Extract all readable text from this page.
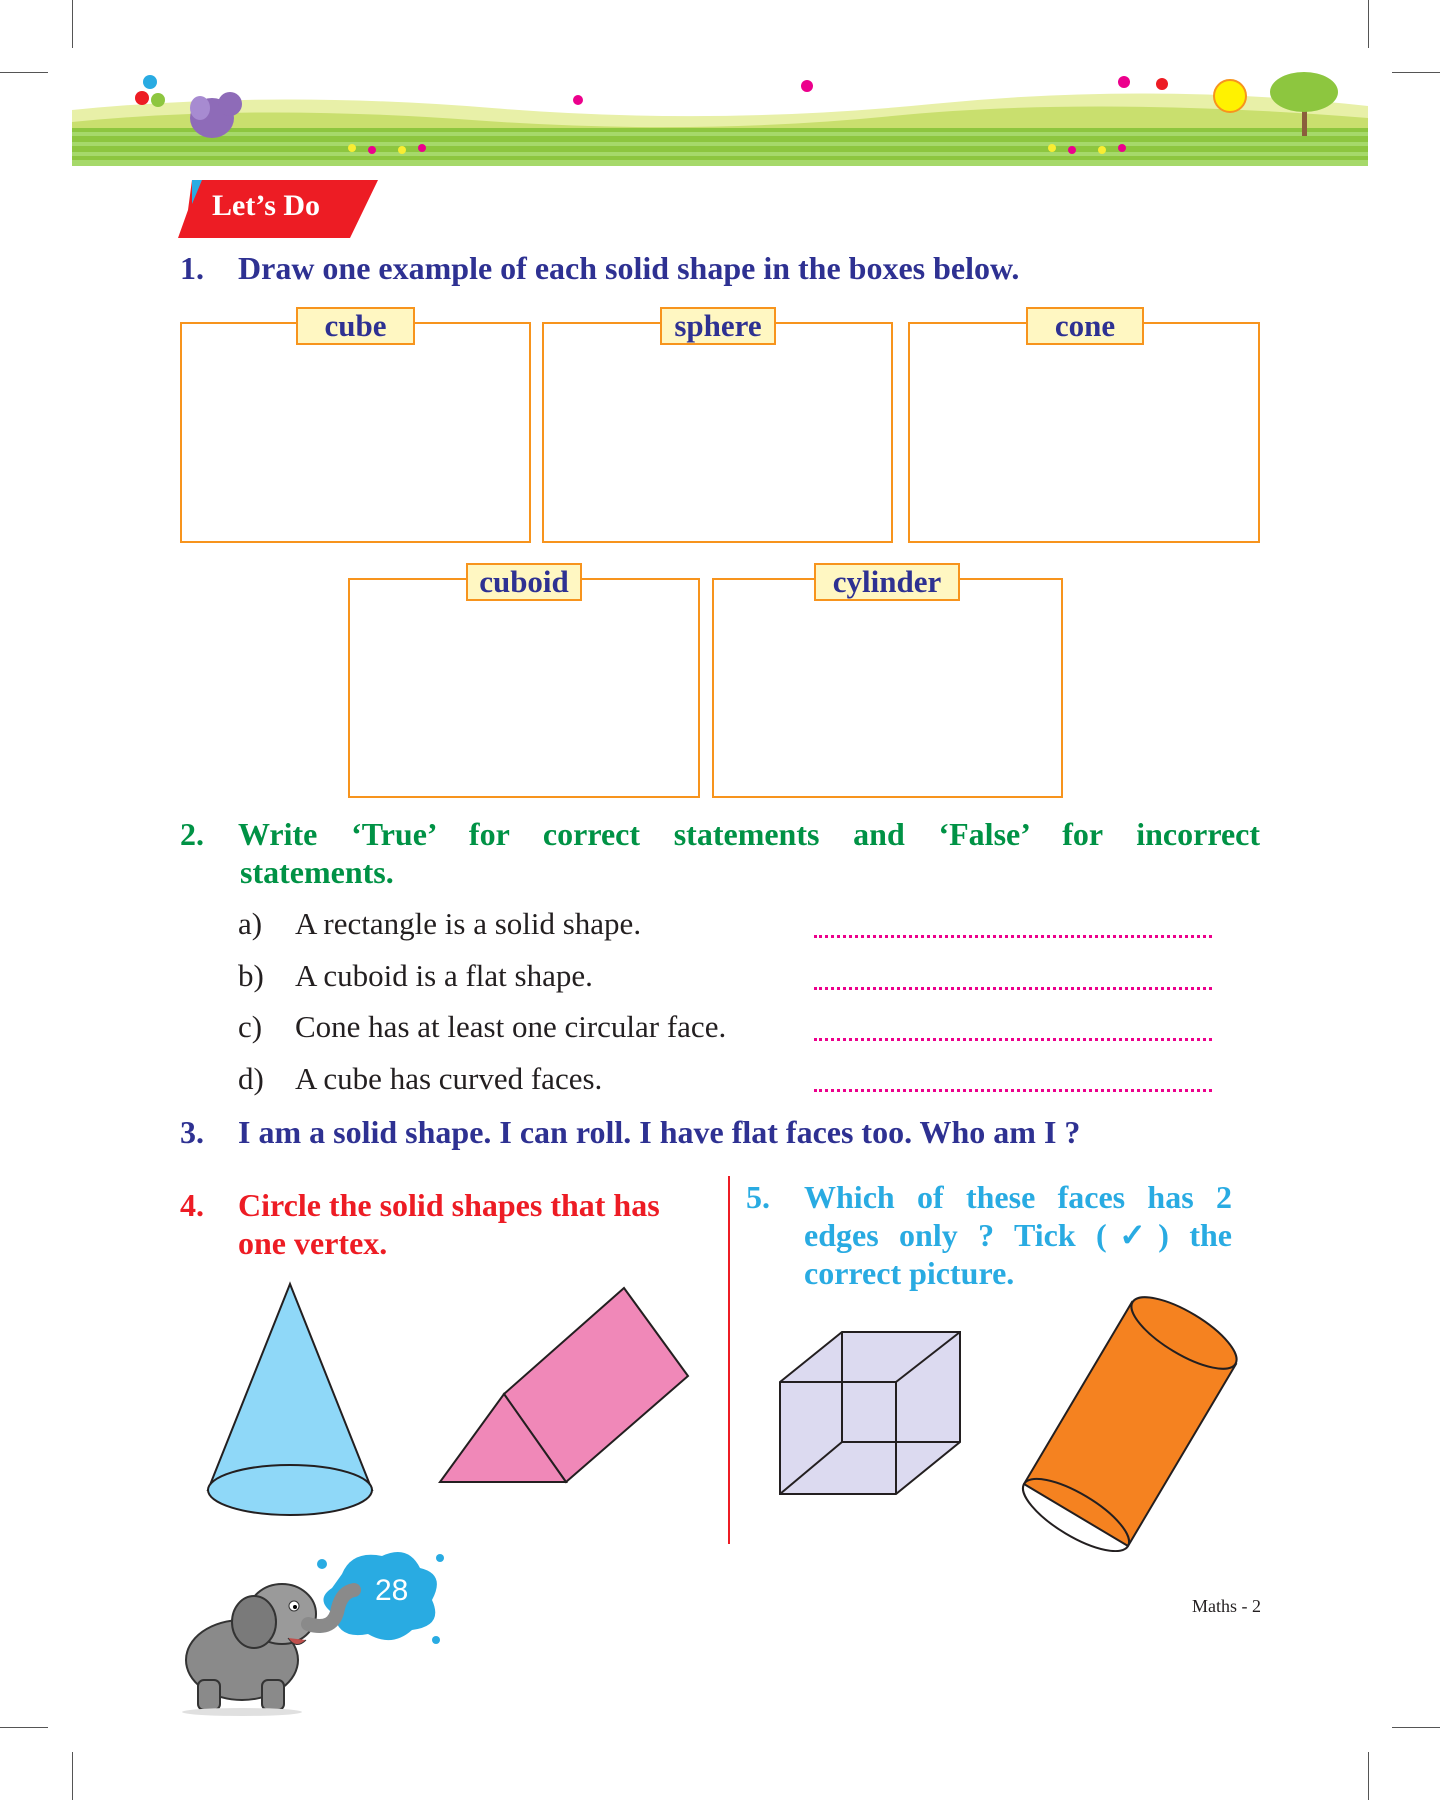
Let’s Do
1. Draw one example of each solid shape in the boxes below.
cube	sphere	cone
cuboid	cylinder
2. Write ‘True’ for correct statements and ‘False’ for incorrect
statements.
a) A rectangle is a solid shape.
b) A cuboid is a flat shape.
c) Cone has at least one circular face.
d) A cube has curved faces.
3. I am a solid shape. I can roll. I have flat faces too. Who am I ?
4. Circle the solid shapes that has
one vertex.
5. Which of these faces has 2
edges only ? Tick (✓) the
correct picture.
28	Maths - 2
